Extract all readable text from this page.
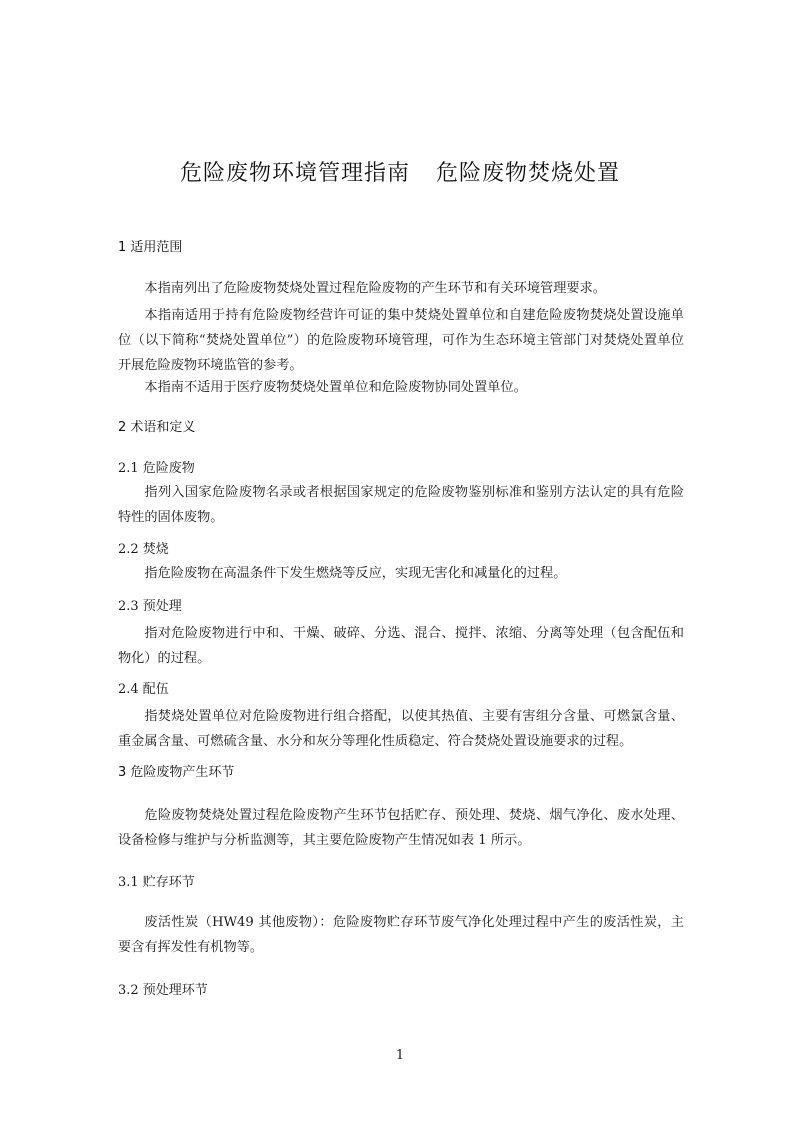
危险废物环境管理指南 危险废物焚烧处置
1 适用范围

本指南列出了危险废物焚烧处置过程危险废物的产生环节和有关环境管理要求。

本指南适用于持有危险废物经营许可证的集中焚烧处置单位和自建危险废物焚烧处置设施单位（以下简称“焚烧处置单位”）的危险废物环境管理，可作为生态环境主管部门对焚烧处置单位开展危险废物环境监管的参考。

本指南不适用于医疗废物焚烧处置单位和危险废物协同处置单位。

2 术语和定义
2.1 危险废物

指列入国家危险废物名录或者根据国家规定的危险废物鉴别标准和鉴别方法认定的具有危险特性的固体废物。

2.2 焚烧

指危险废物在高温条件下发生燃烧等反应，实现无害化和减量化的过程。

2.3 预处理

指对危险废物进行中和、干燥、破碎、分选、混合、搅拌、浓缩、分离等处理（包含配伍和物化）的过程。

2.4 配伍

指焚烧处置单位对危险废物进行组合搭配，以使其热值、主要有害组分含量、可燃氯含量、重金属含量、可燃硫含量、水分和灰分等理化性质稳定、符合焚烧处置设施要求的过程。

3 危险废物产生环节

危险废物焚烧处置过程危险废物产生环节包括贮存、预处理、焚烧、烟气净化、废水处理、设备检修与维护与分析监测等，其主要危险废物产生情况如表 1 所示。

3.1 贮存环节

废活性炭（HW49 其他废物）：危险废物贮存环节废气净化处理过程中产生的废活性炭，主要含有挥发性有机物等。

3.2 预处理环节
1
